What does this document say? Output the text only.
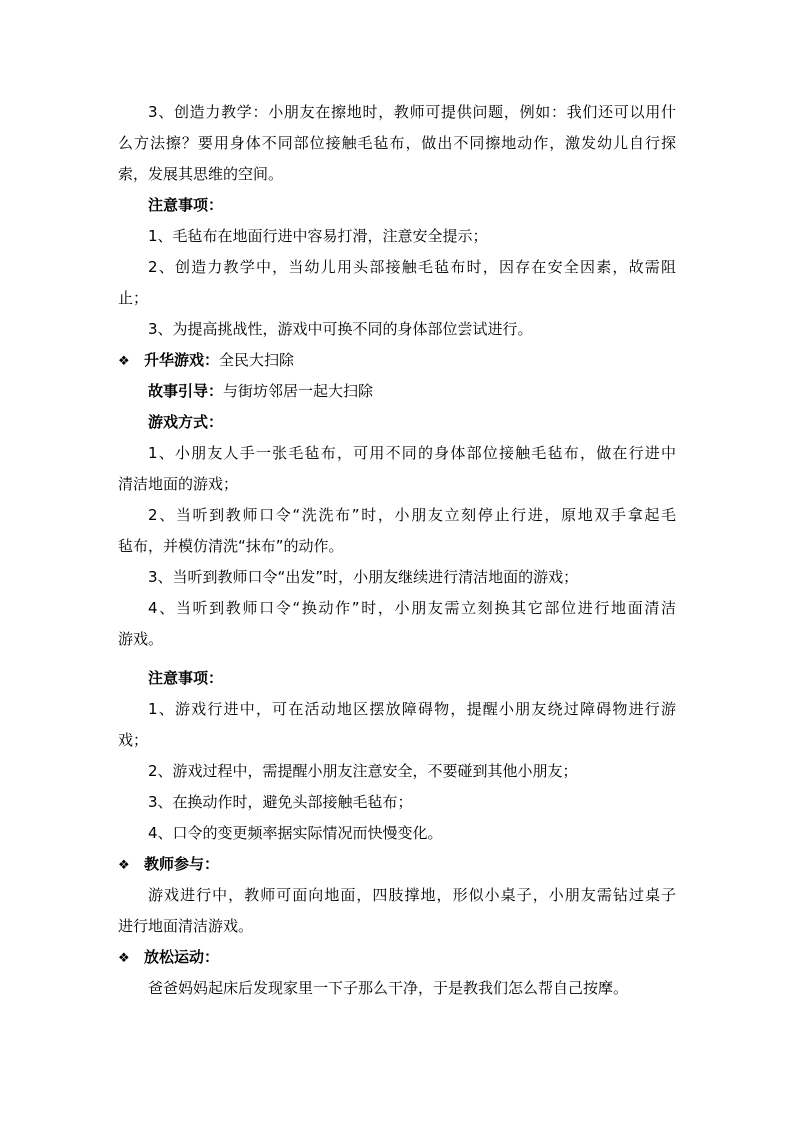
3、创造力教学：小朋友在擦地时，教师可提供问题，例如：我们还可以用什
么方法擦？要用身体不同部位接触毛毡布，做出不同擦地动作，激发幼儿自行探
索，发展其思维的空间。
注意事项：
1、毛毡布在地面行进中容易打滑，注意安全提示；
2、创造力教学中，当幼儿用头部接触毛毡布时，因存在安全因素，故需阻
止；
3、为提高挑战性，游戏中可换不同的身体部位尝试进行。
❖ 升华游戏：全民大扫除
故事引导：与街坊邻居一起大扫除
游戏方式：
1、小朋友人手一张毛毡布，可用不同的身体部位接触毛毡布，做在行进中
清洁地面的游戏；
2、当听到教师口令“洗洗布”时，小朋友立刻停止行进，原地双手拿起毛
毡布，并模仿清洗“抹布”的动作。
3、当听到教师口令“出发”时，小朋友继续进行清洁地面的游戏；
4、当听到教师口令“换动作”时，小朋友需立刻换其它部位进行地面清洁
游戏。
注意事项：
1、游戏行进中，可在活动地区摆放障碍物，提醒小朋友绕过障碍物进行游
戏；
2、游戏过程中，需提醒小朋友注意安全，不要碰到其他小朋友；
3、在换动作时，避免头部接触毛毡布；
4、口令的变更频率据实际情况而快慢变化。
❖ 教师参与：
游戏进行中，教师可面向地面，四肢撑地，形似小桌子，小朋友需钻过桌子
进行地面清洁游戏。
❖ 放松运动：
爸爸妈妈起床后发现家里一下子那么干净，于是教我们怎么帮自己按摩。
